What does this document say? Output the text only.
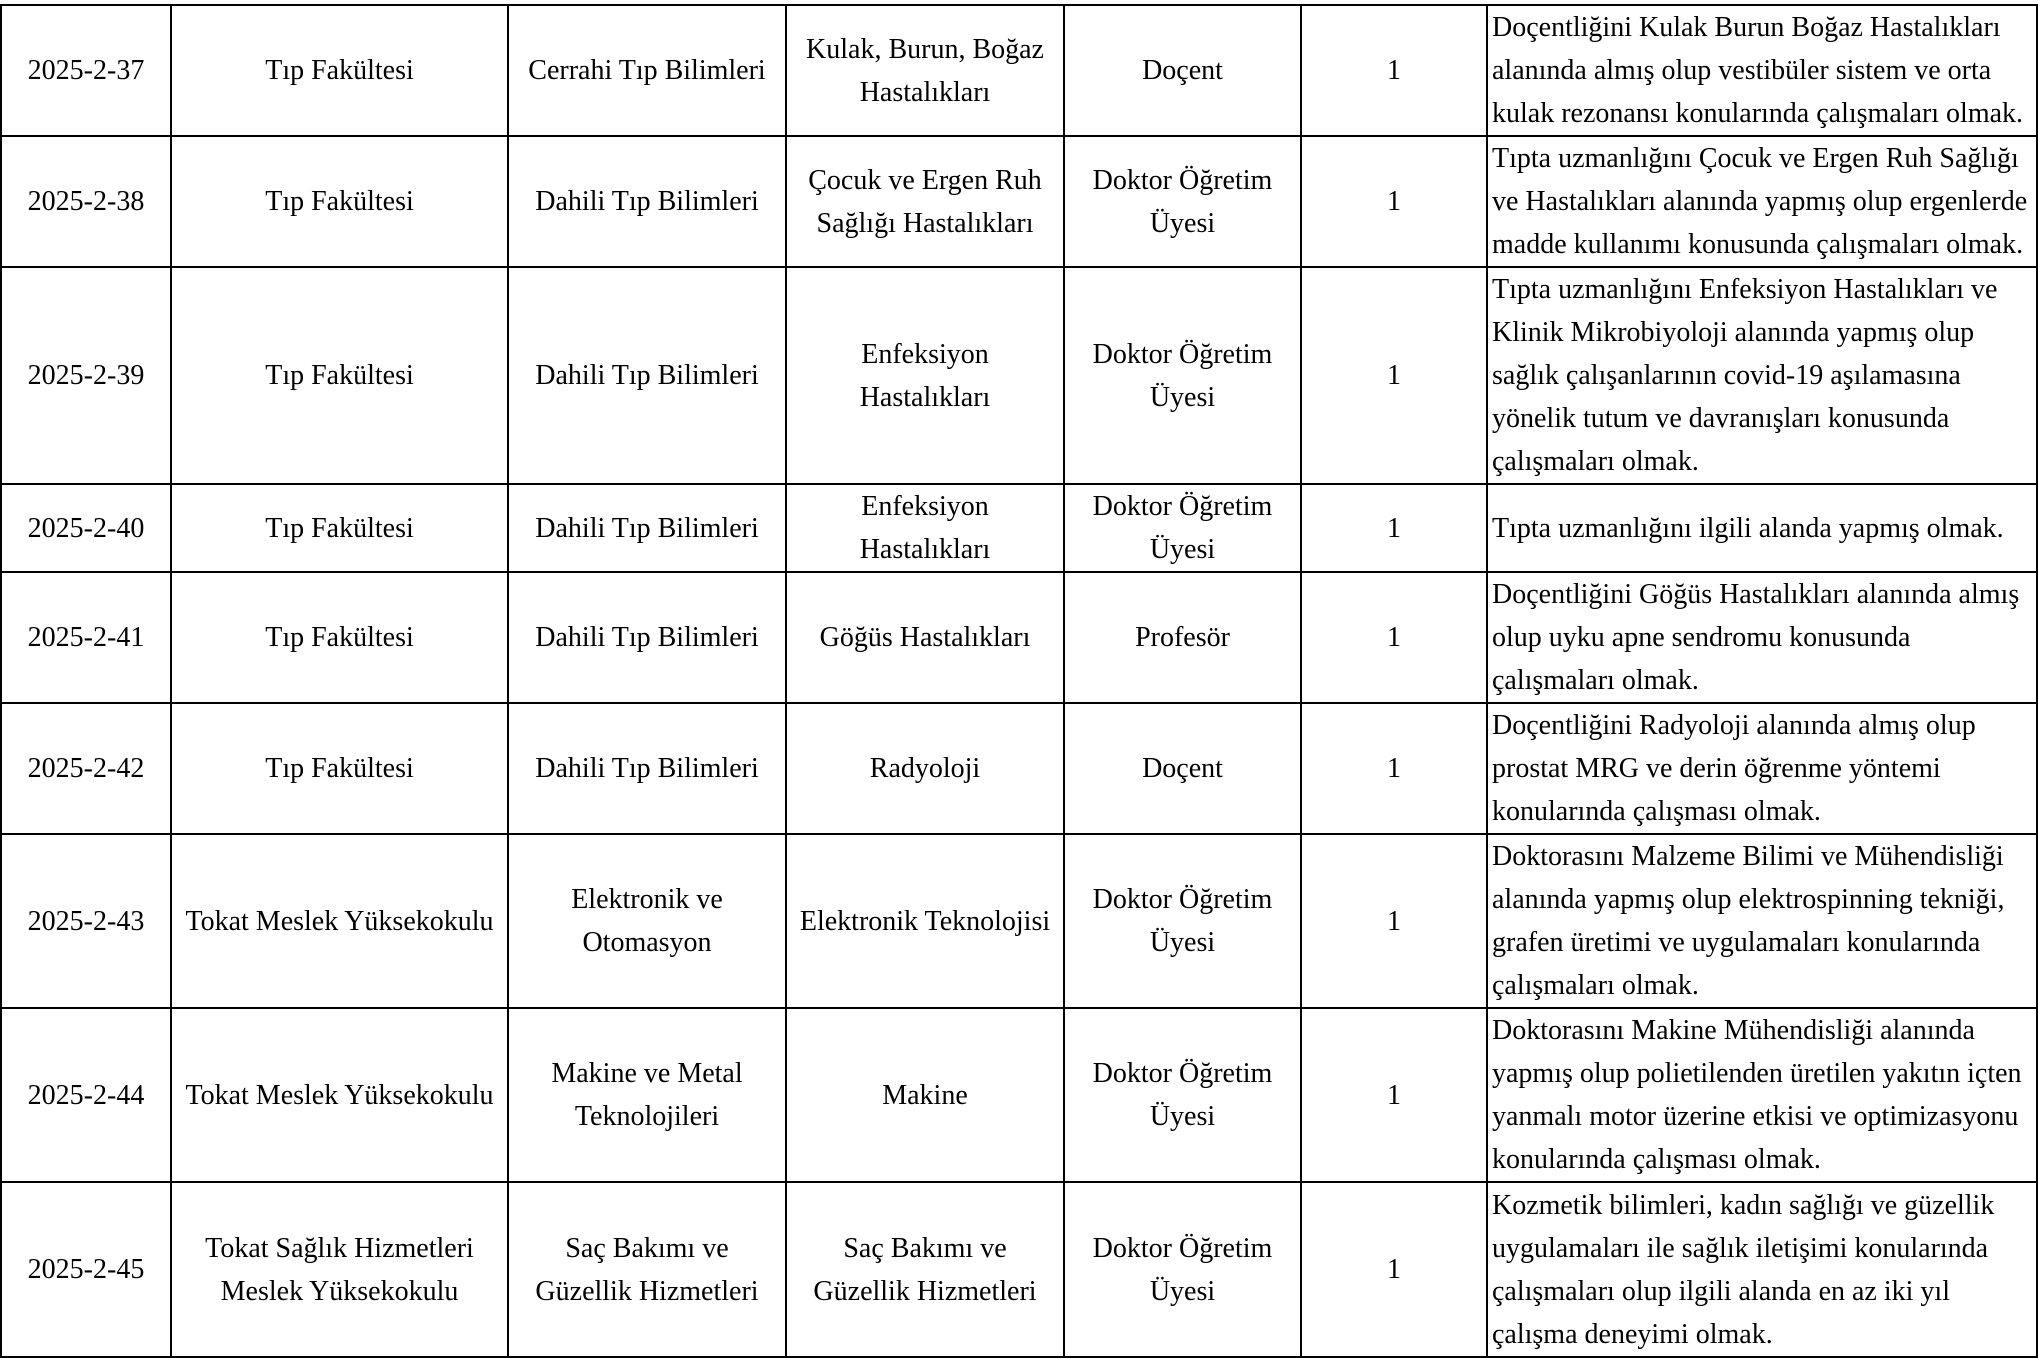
2025-2-37	Tıp Fakültesi	Cerrahi Tıp Bilimleri	Kulak, Burun, Boğaz Hastalıkları	Doçent	1	Doçentliğini Kulak Burun Boğaz Hastalıkları alanında almış olup vestibüler sistem ve orta kulak rezonansı konularında çalışmaları olmak.
2025-2-38	Tıp Fakültesi	Dahili Tıp Bilimleri	Çocuk ve Ergen Ruh Sağlığı Hastalıkları	Doktor Öğretim Üyesi	1	Tıpta uzmanlığını Çocuk ve Ergen Ruh Sağlığı ve Hastalıkları alanında yapmış olup ergenlerde madde kullanımı konusunda çalışmaları olmak.
2025-2-39	Tıp Fakültesi	Dahili Tıp Bilimleri	Enfeksiyon Hastalıkları	Doktor Öğretim Üyesi	1	Tıpta uzmanlığını Enfeksiyon Hastalıkları ve Klinik Mikrobiyoloji alanında yapmış olup sağlık çalışanlarının covid-19 aşılamasına yönelik tutum ve davranışları konusunda çalışmaları olmak.
2025-2-40	Tıp Fakültesi	Dahili Tıp Bilimleri	Enfeksiyon Hastalıkları	Doktor Öğretim Üyesi	1	Tıpta uzmanlığını ilgili alanda yapmış olmak.
2025-2-41	Tıp Fakültesi	Dahili Tıp Bilimleri	Göğüs Hastalıkları	Profesör	1	Doçentliğini Göğüs Hastalıkları alanında almış olup uyku apne sendromu konusunda çalışmaları olmak.
2025-2-42	Tıp Fakültesi	Dahili Tıp Bilimleri	Radyoloji	Doçent	1	Doçentliğini Radyoloji alanında almış olup prostat MRG ve derin öğrenme yöntemi konularında çalışması olmak.
2025-2-43	Tokat Meslek Yüksekokulu	Elektronik ve Otomasyon	Elektronik Teknolojisi	Doktor Öğretim Üyesi	1	Doktorasını Malzeme Bilimi ve Mühendisliği alanında yapmış olup elektrospinning tekniği, grafen üretimi ve uygulamaları konularında çalışmaları olmak.
2025-2-44	Tokat Meslek Yüksekokulu	Makine ve Metal Teknolojileri	Makine	Doktor Öğretim Üyesi	1	Doktorasını Makine Mühendisliği alanında yapmış olup polietilenden üretilen yakıtın içten yanmalı motor üzerine etkisi ve optimizasyonu konularında çalışması olmak.
2025-2-45	Tokat Sağlık Hizmetleri Meslek Yüksekokulu	Saç Bakımı ve Güzellik Hizmetleri	Saç Bakımı ve Güzellik Hizmetleri	Doktor Öğretim Üyesi	1	Kozmetik bilimleri, kadın sağlığı ve güzellik uygulamaları ile sağlık iletişimi konularında çalışmaları olup ilgili alanda en az iki yıl çalışma deneyimi olmak.
